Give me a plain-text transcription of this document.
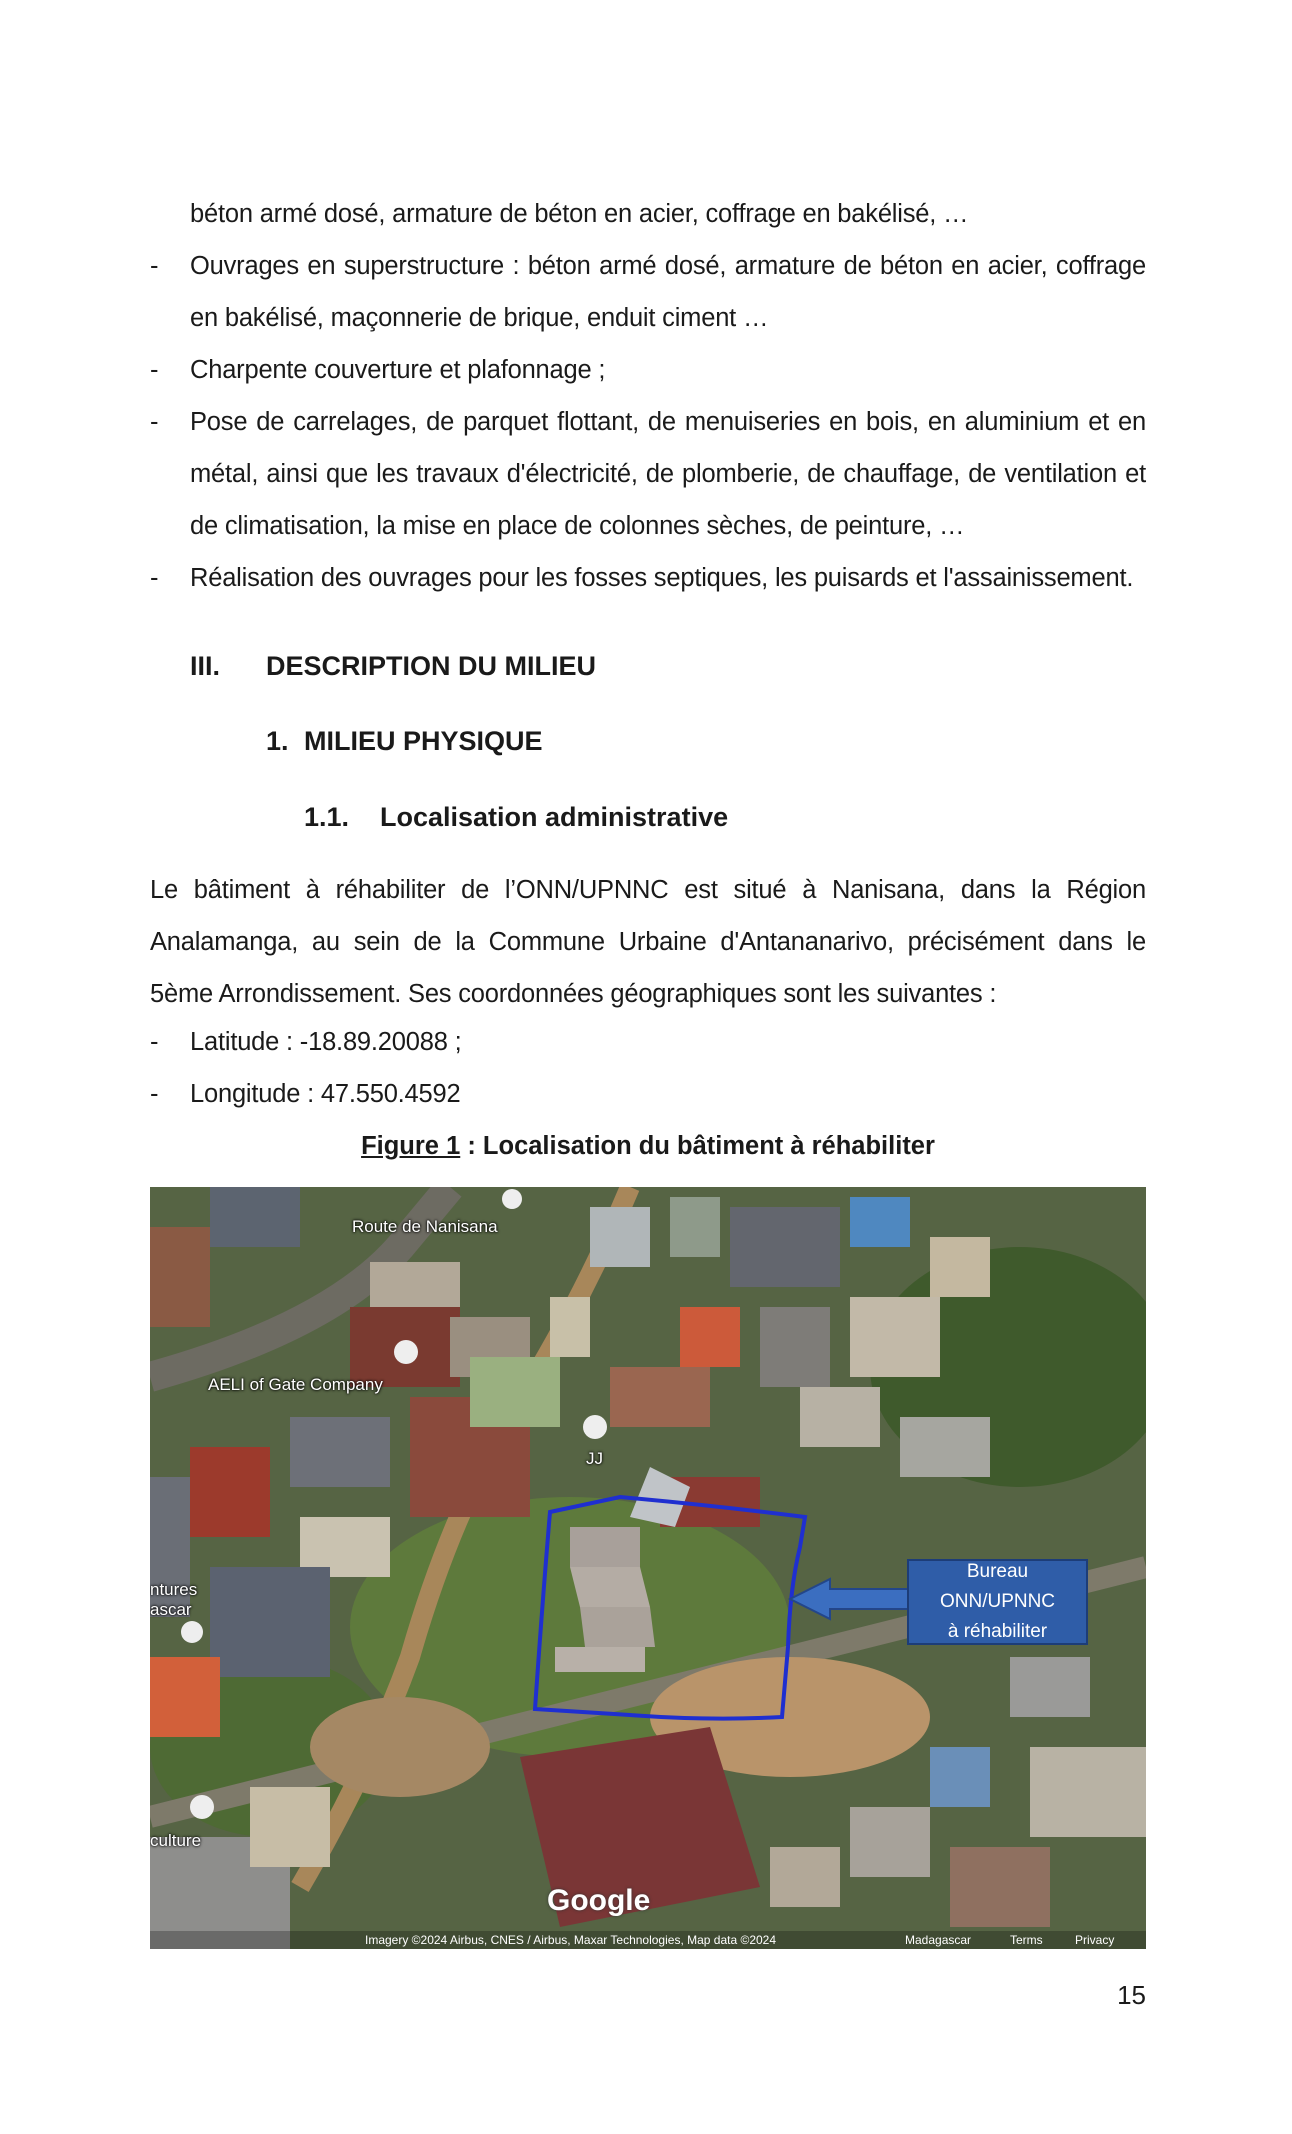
béton armé dosé, armature de béton en acier, coffrage en bakélisé, …
- Ouvrages en superstructure : béton armé dosé, armature de béton en acier, coffrage en bakélisé, maçonnerie de brique, enduit ciment …
- Charpente couverture et plafonnage ;
- Pose de carrelages, de parquet flottant, de menuiseries en bois, en aluminium et en métal, ainsi que les travaux d'électricité, de plomberie, de chauffage, de ventilation et de climatisation, la mise en place de colonnes sèches, de peinture, …
- Réalisation des ouvrages pour les fosses septiques, les puisards et l'assainissement.
III. DESCRIPTION DU MILIEU
1. MILIEU PHYSIQUE
1.1. Localisation administrative
Le bâtiment à réhabiliter de l’ONN/UPNNC est situé à Nanisana, dans la Région Analamanga, au sein de la Commune Urbaine d'Antananarivo, précisément dans le 5ème Arrondissement. Ses coordonnées géographiques sont les suivantes :
- Latitude : -18.89.20088 ;
- Longitude : 47.550.4592
Figure 1 : Localisation du bâtiment à réhabiliter
Route de Nanisana
AELI of Gate Company
JJ
ntures
ascar
culture
Bureau ONN/UPNNC
à réhabiliter
Google
Imagery ©2024 Airbus, CNES / Airbus, Maxar Technologies, Map data ©2024	Madagascar	Terms	Privacy
15
